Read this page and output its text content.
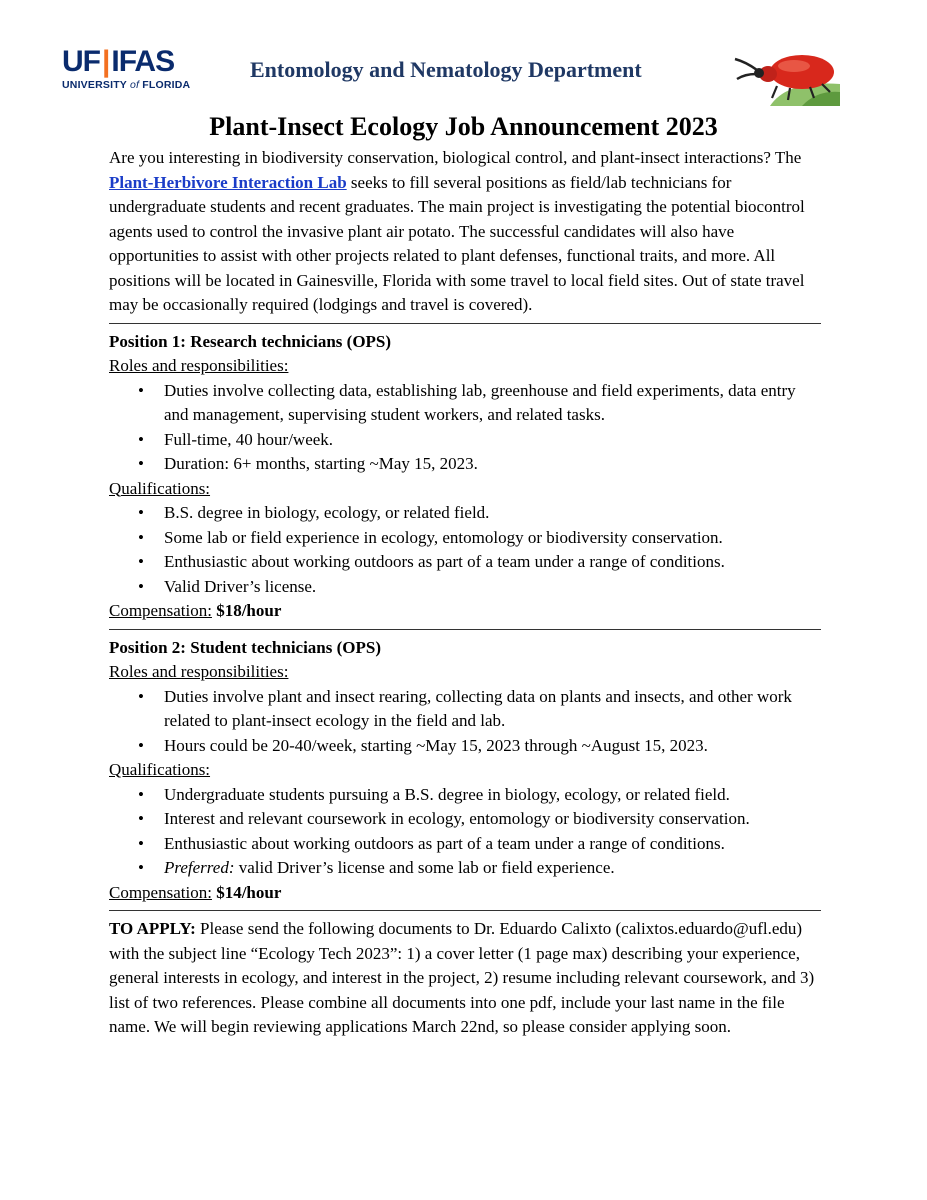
UF|IFAS
UNIVERSITY of FLORIDA
Entomology and Nematology Department
Plant-Insect Ecology Job Announcement 2023

Are you interesting in biodiversity conservation, biological control, and plant-insect interactions? The Plant-Herbivore Interaction Lab seeks to fill several positions as field/lab technicians for undergraduate students and recent graduates. The main project is investigating the potential biocontrol agents used to control the invasive plant air potato. The successful candidates will also have opportunities to assist with other projects related to plant defenses, functional traits, and more. All positions will be located in Gainesville, Florida with some travel to local field sites. Out of state travel may be occasionally required (lodgings and travel is covered).

Position 1: Research technicians (OPS)
Roles and responsibilities:
• Duties involve collecting data, establishing lab, greenhouse and field experiments, data entry and management, supervising student workers, and related tasks.
• Full-time, 40 hour/week.
• Duration: 6+ months, starting ~May 15, 2023.
Qualifications:
• B.S. degree in biology, ecology, or related field.
• Some lab or field experience in ecology, entomology or biodiversity conservation.
• Enthusiastic about working outdoors as part of a team under a range of conditions.
• Valid Driver’s license.
Compensation: $18/hour
Position 2: Student technicians (OPS)
Roles and responsibilities:
• Duties involve plant and insect rearing, collecting data on plants and insects, and other work related to plant-insect ecology in the field and lab.
• Hours could be 20-40/week, starting ~May 15, 2023 through ~August 15, 2023.
Qualifications:
• Undergraduate students pursuing a B.S. degree in biology, ecology, or related field.
• Interest and relevant coursework in ecology, entomology or biodiversity conservation.
• Enthusiastic about working outdoors as part of a team under a range of conditions.
• Preferred: valid Driver’s license and some lab or field experience.
Compensation: $14/hour

TO APPLY: Please send the following documents to Dr. Eduardo Calixto (calixtos.eduardo@ufl.edu) with the subject line “Ecology Tech 2023”: 1) a cover letter (1 page max) describing your experience, general interests in ecology, and interest in the project, 2) resume including relevant coursework, and 3) list of two references. Please combine all documents into one pdf, include your last name in the file name. We will begin reviewing applications March 22nd, so please consider applying soon.
